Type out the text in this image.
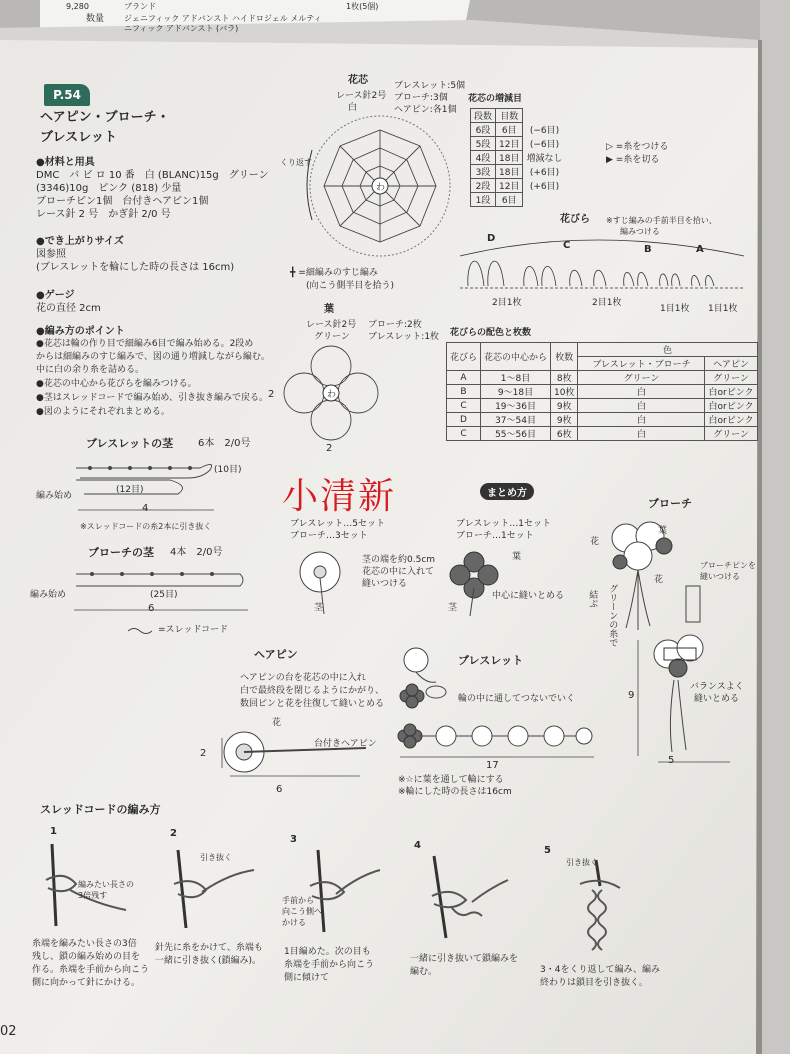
9,280
数量
ブランド
ジェニフィック アドバンスト ハイドロジェル メルティ
ニフィック アドバンスト (バラ)
1枚(5個)
P.54
ヘアピン・ブローチ・
ブレスレット
●材料と用具
DMC　バ ビ ロ 10 番　白 (BLANC)15g　グリーン
(3346)10g　ピンク (818) 少量
ブローチピン1個　台付きヘアピン1個
レース針 2 号　かぎ針 2/0 号
●でき上がりサイズ
図参照
(ブレスレットを輪にした時の長さは 16cm)
●ゲージ
花の直径 2cm
●編み方のポイント
●花芯は輪の作り目で細編み6目で編み始める。2段め
からは細編みのすじ編みで、図の通り増減しながら編む。
中に白の余り糸を詰める。
●花芯の中心から花びらを編みつける。
●茎はスレッドコードで編み始め、引き抜き編みで戻る。
●図のようにそれぞれまとめる。
花芯
レース針2号
白
ブレスレット:5個
ブローチ:3個
ヘアピン:各1個
くり返す
わ
╋ =細編みのすじ編み
(向こう側半目を拾う)
花芯の増減目
段数	目数	
6段	6目	(−6目)
5段	12目	(−6目)
4段	18目	増減なし
3段	18目	(+6目)
2段	12目	(+6目)
1段	6目	
▷ =糸をつける
▶ =糸を切る
花びら ※すじ編みの手前半目を拾い、
編みつける
D
C	B	A
2目1枚	2目1枚
1目1枚 1目1枚
葉
レース針2号
グリーン
ブローチ:2枚
ブレスレット:1枚
わ
2
2
花びらの配色と枚数
花びら	花芯の中心から	枚数	色	
			ブレスレット・ブローチ	ヘアピン
A	1〜8目	8枚	グリーン	グリーン
B	9〜18目	10枚	白	白orピンク
C	19〜36目	9枚	白	白orピンク
D	37〜54目	9枚	白	白orピンク
C	55〜56目	6枚	白	グリーン
小清新
ブレスレットの茎 6本　2/0号
(10目)
(12目)
編み始め
4
※スレッドコードの糸2本に引き抜く
ブローチの茎 4本　2/0号
編み始め	(25目)
6
=スレッドコード
まとめ方
ブレスレット…5セット
ブローチ…3セット
茎の端を約0.5cm
花芯の中に入れて
縫いつける
茎
ブレスレット…1セット
ブローチ…1セット
葉
中心に縫いとめる
茎
ブローチ
花
葉
花
結ぶ グリーンの糸で
ブローチピンを
縫いつける
バランスよく
縫いとめる
9
5
ヘアピン
ヘアピンの台を花芯の中に入れ
白で最終段を閉じるようにかがり、
数回ピンと花を往復して縫いとめる
花
台付きヘアピン
2
6
ブレスレット
輪の中に通してつないでいく
17
※☆に葉を通して輪にする
※輪にした時の長さは16cm
スレッドコードの編み方
1
編みたい長さの
3倍残す
糸端を編みたい長さの3倍
残し、鎖の編み始めの目を
作る。糸端を手前から向こう
側に向かって針にかける。
2
引き抜く
針先に糸をかけて、糸端も
一緒に引き抜く(鎖編み)。
3
手前から
向こう側へ
かける
1目編めた。次の目も
糸端を手前から向こう
側に傾けて
4
一緒に引き抜いて鎖編みを
編む。
5
引き抜く
3・4をくり返して編み、編み
終わりは鎖目を引き抜く。
02
